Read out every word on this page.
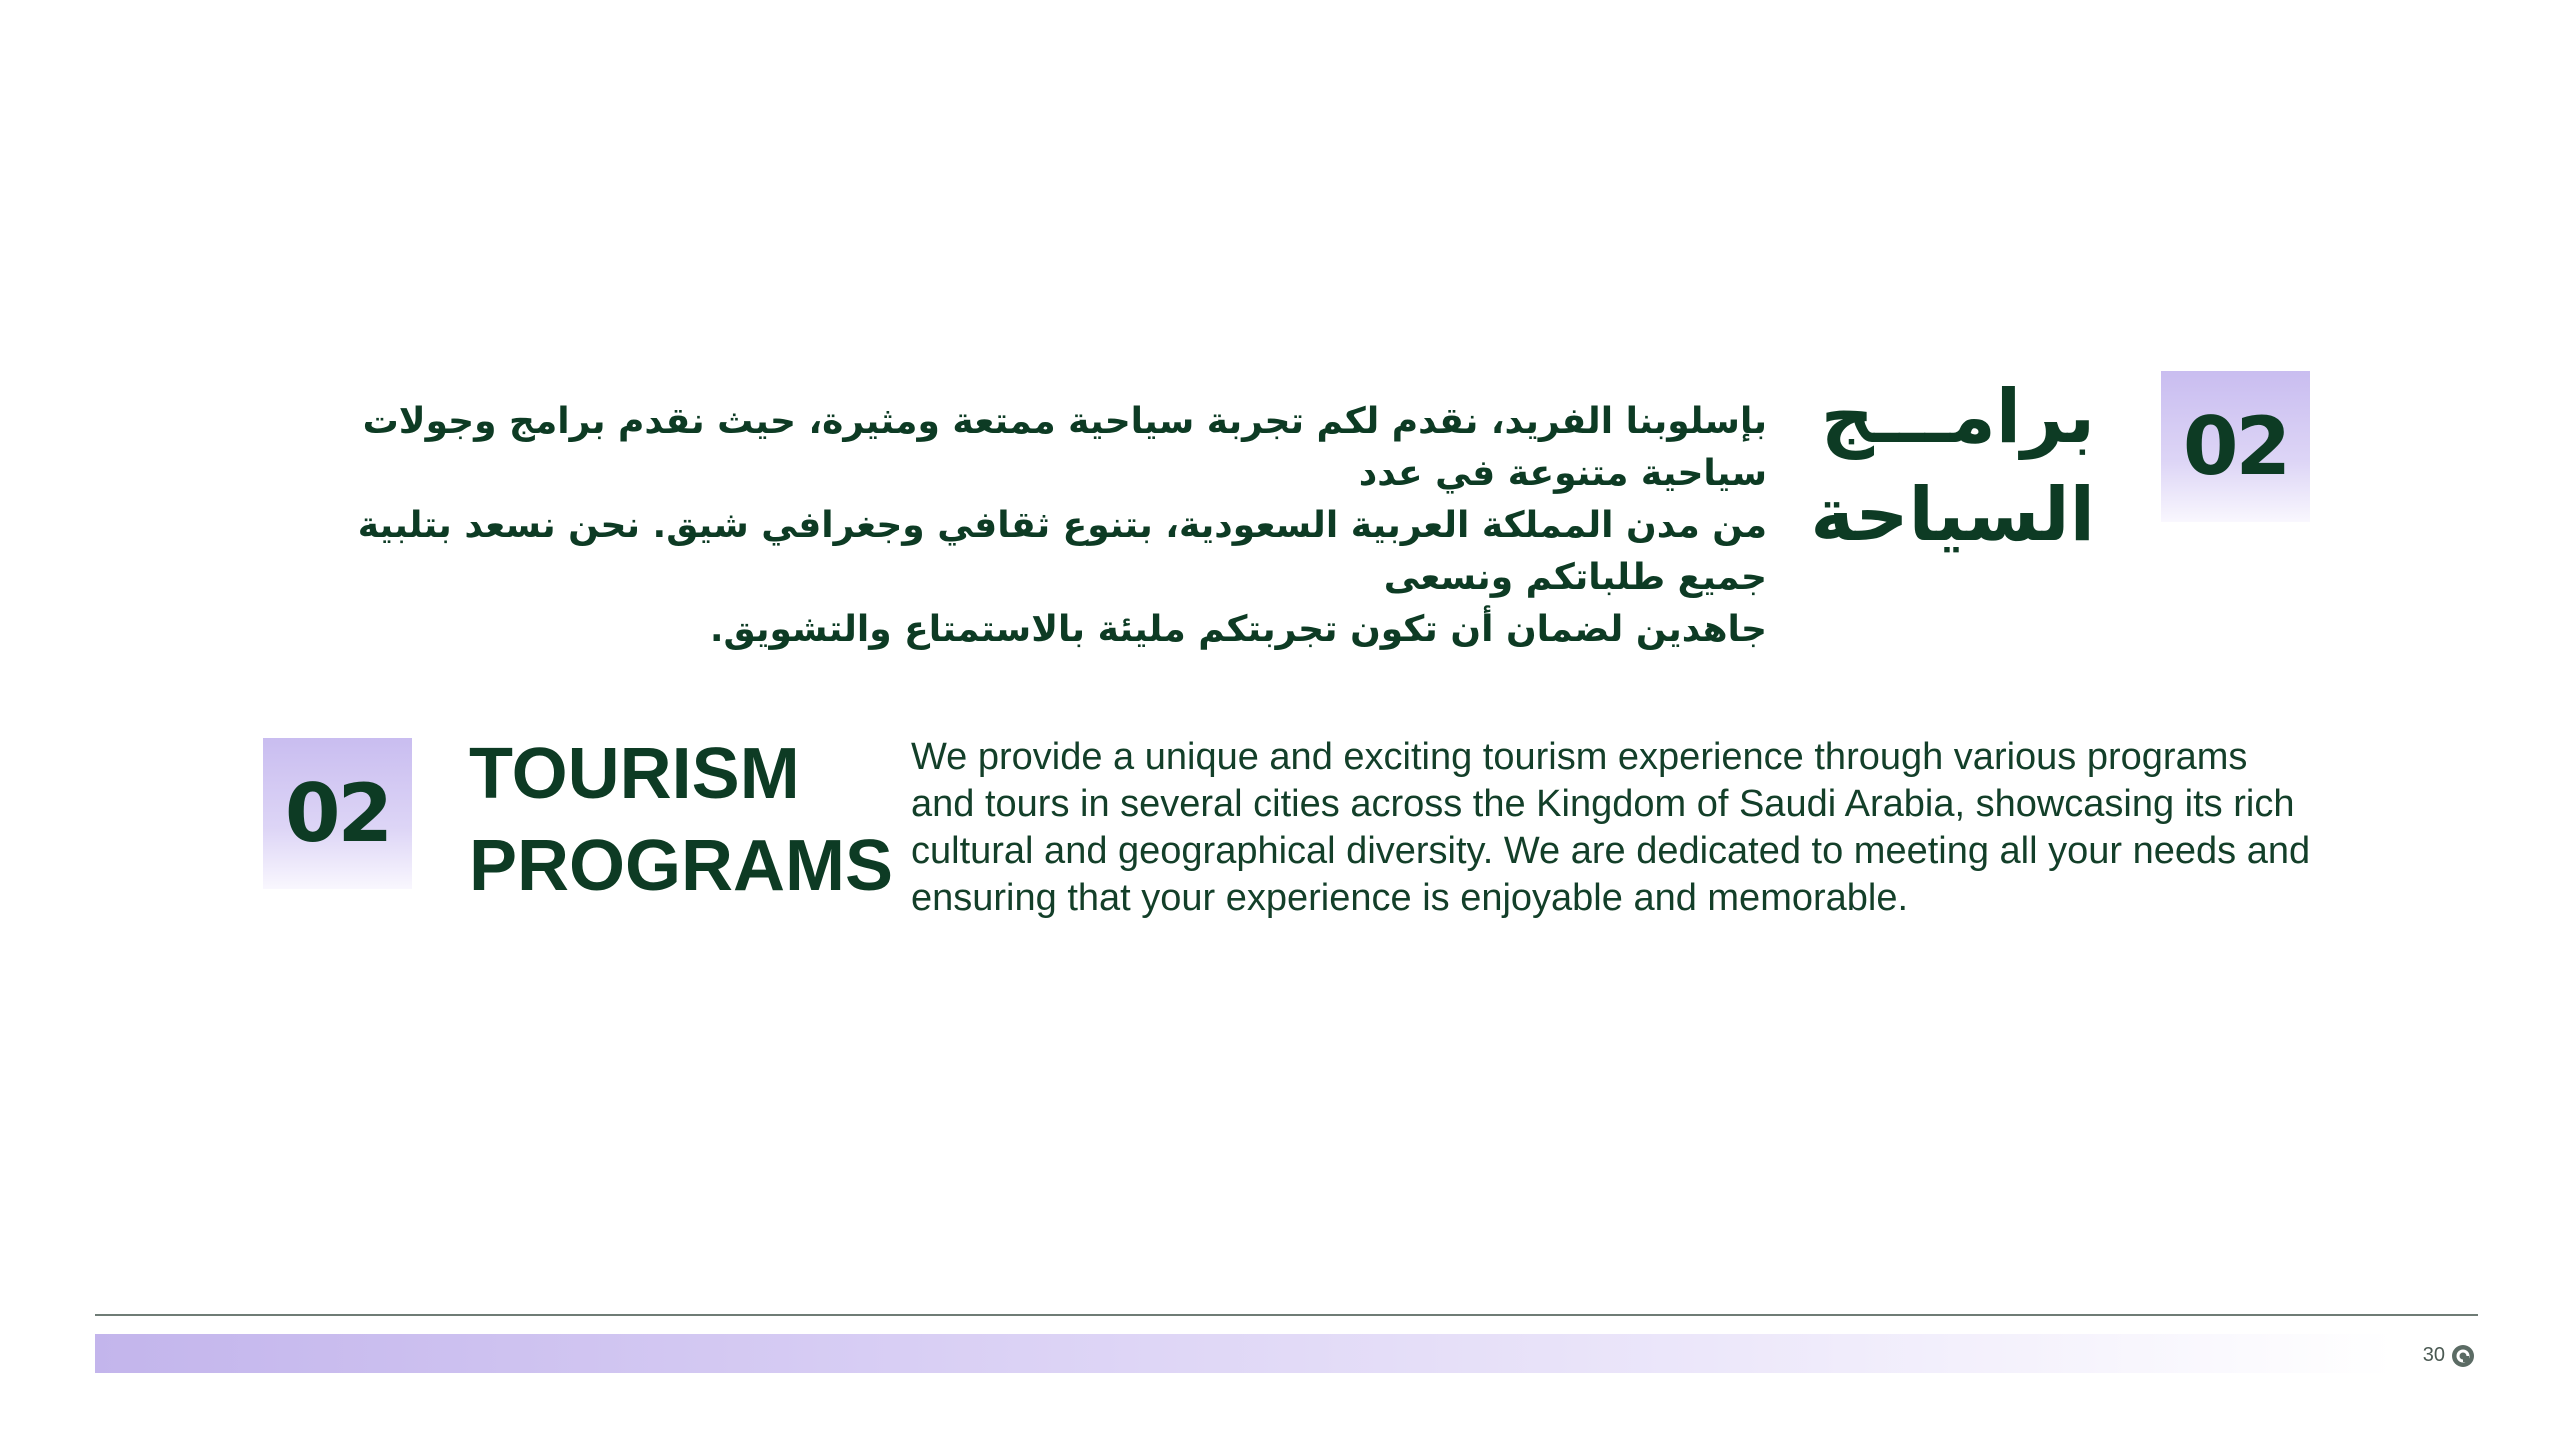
02
برامـــج
السياحة
بإسلوبنا الفريد، نقدم لكم تجربة سياحية ممتعة ومثيرة، حيث نقدم برامج وجولات سياحية متنوعة في عدد
من مدن المملكة العربية السعودية، بتنوع ثقافي وجغرافي شيق. نحن نسعد بتلبية جميع طلباتكم ونسعى
جاهدين لضمان أن تكون تجربتكم مليئة بالاستمتاع والتشويق.
02 TOURISM
PROGRAMS
We provide a unique and exciting tourism experience through various programs and tours in several cities across the Kingdom of Saudi Arabia, showcasing its rich cultural and geographical diversity. We are dedicated to meeting all your needs and ensuring that your experience is enjoyable and memorable.
30
